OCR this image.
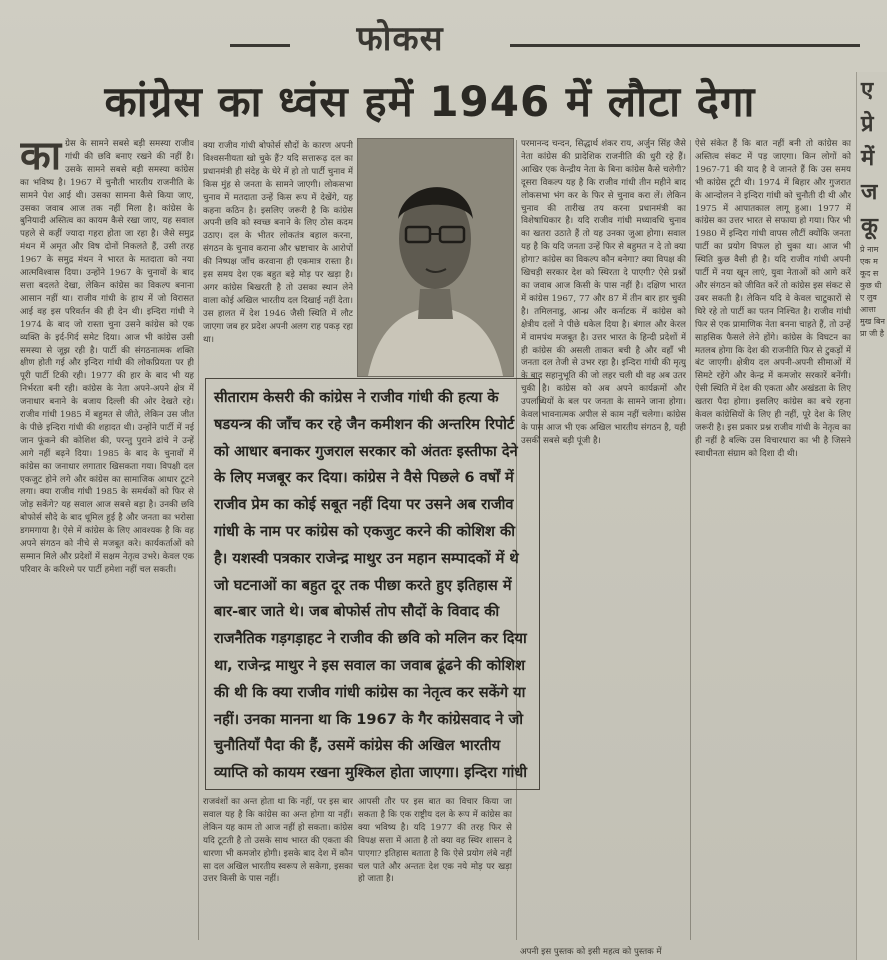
फोकस
कांग्रेस का ध्वंस हमें 1946 में लौटा देगा
का ग्रेस के सामने सबसे बड़ी समस्या राजीव गांधी की छवि बनाए रखने की नहीं है। उसके सामने सबसे बड़ी समस्या कांग्रेस का भविष्य है। 1967 में चुनौती भारतीय राजनीति के सामने पेश आई थी। उसका सामना कैसे किया जाए, उसका जवाब आज तक नहीं मिला है। कांग्रेस के बुनियादी अस्तित्व का कायम कैसे रखा जाए, यह सवाल पहले से कहीं ज्यादा गहरा होता जा रहा है। जैसे समुद्र मंथन में अमृत और विष दोनों निकलते हैं, उसी तरह 1967 के समुद्र मंथन ने भारत के मतदाता को नया आत्मविश्वास दिया। उन्होंने 1967 के चुनावों के बाद सत्ता बदलते देखा, लेकिन कांग्रेस का विकल्प बनाना आसान नहीं था। राजीव गांधी के हाथ में जो विरासत आई वह इस परिवर्तन की ही देन थी। इन्दिरा गांधी ने 1974 के बाद जो रास्ता चुना उसने कांग्रेस को एक व्यक्ति के इर्द-गिर्द समेट दिया। आज भी कांग्रेस उसी समस्या से जूझ रही है। पार्टी की संगठनात्मक शक्ति क्षीण होती गई और इन्दिरा गांधी की लोकप्रियता पर ही पूरी पार्टी टिकी रही। 1977 की हार के बाद भी यह निर्भरता बनी रही। कांग्रेस के नेता अपने-अपने क्षेत्र में जनाधार बनाने के बजाय दिल्ली की ओर देखते रहे। राजीव गांधी 1985 में बहुमत से जीते, लेकिन उस जीत के पीछे इन्दिरा गांधी की शहादत थी। उन्होंने पार्टी में नई जान फूंकने की कोशिश की, परन्तु पुराने ढांचे ने उन्हें आगे नहीं बढ़ने दिया। 1985 के बाद के चुनावों में कांग्रेस का जनाधार लगातार खिसकता गया। विपक्षी दल एकजुट होने लगे और कांग्रेस का सामाजिक आधार टूटने लगा। क्या राजीव गांधी 1985 के समर्थकों को फिर से जोड़ सकेंगे? यह सवाल आज सबसे बड़ा है। उनकी छवि बोफोर्स सौदे के बाद धूमिल हुई है और जनता का भरोसा डगमगाया है। ऐसे में कांग्रेस के लिए आवश्यक है कि वह अपने संगठन को नीचे से मजबूत करे। कार्यकर्ताओं को सम्मान मिले और प्रदेशों में सक्षम नेतृत्व उभरे। केवल एक परिवार के करिश्मे पर पार्टी हमेशा नहीं चल सकती।
क्या राजीव गांधी बोफोर्स सौदों के कारण अपनी विश्वसनीयता खो चुके हैं? यदि सत्तारूढ़ दल का प्रधानमंत्री ही संदेह के घेरे में हो तो पार्टी चुनाव में किस मुंह से जनता के सामने जाएगी। लोकसभा चुनाव में मतदाता उन्हें किस रूप में देखेंगे, यह कहना कठिन है। इसलिए जरूरी है कि कांग्रेस अपनी छवि को स्वच्छ बनाने के लिए ठोस कदम उठाए। दल के भीतर लोकतंत्र बहाल करना, संगठन के चुनाव कराना और भ्रष्टाचार के आरोपों की निष्पक्ष जाँच करवाना ही एकमात्र रास्ता है। इस समय देश एक बहुत बड़े मोड़ पर खड़ा है। अगर कांग्रेस बिखरती है तो उसका स्थान लेने वाला कोई अखिल भारतीय दल दिखाई नहीं देता। उस हालत में देश 1946 जैसी स्थिति में लौट जाएगा जब हर प्रदेश अपनी अलग राह पकड़ रहा था।
सीताराम केसरी की कांग्रेस ने राजीव गांधी की हत्या के षडयन्त्र की जाँच कर रहे जैन कमीशन की अन्तरिम रिपोर्ट को आधार बनाकर गुजराल सरकार को अंततः इस्तीफा देने के लिए मजबूर कर दिया। कांग्रेस ने वैसे पिछले 6 वर्षों में राजीव प्रेम का कोई सबूत नहीं दिया पर उसने अब राजीव गांधी के नाम पर कांग्रेस को एकजुट करने की कोशिश की है। यशस्वी पत्रकार राजेन्द्र माथुर उन महान सम्पादकों में थे जो घटनाओं का बहुत दूर तक पीछा करते हुए इतिहास में बार-बार जाते थे। जब बोफोर्स तोप सौदों के विवाद की राजनैतिक गड़गड़ाहट ने राजीव की छवि को मलिन कर दिया था, राजेन्द्र माथुर ने इस सवाल का जवाब ढूंढने की कोशिश की थी कि क्या राजीव गांधी कांग्रेस का नेतृत्व कर सकेंगे या नहीं। उनका मानना था कि 1967 के गैर कांग्रेसवाद ने जो चुनौतियाँ पैदा की हैं, उसमें कांग्रेस की अखिल भारतीय व्याप्ति को कायम रखना मुश्किल होता जाएगा। इन्दिरा गांधी
परमानन्द चन्दन, सिद्धार्थ शंकर राय, अर्जुन सिंह जैसे नेता कांग्रेस की प्रादेशिक राजनीति की धुरी रहे हैं। आखिर एक केन्द्रीय नेता के बिना कांग्रेस कैसे चलेगी? दूसरा विकल्प यह है कि राजीव गांधी तीन महीने बाद लोकसभा भंग कर के फिर से चुनाव करा लें। लेकिन चुनाव की तारीख तय करना प्रधानमंत्री का विशेषाधिकार है। यदि राजीव गांधी मध्यावधि चुनाव का खतरा उठाते हैं तो यह उनका जुआ होगा। सवाल यह है कि यदि जनता उन्हें फिर से बहुमत न दे तो क्या होगा? कांग्रेस का विकल्प कौन बनेगा? क्या विपक्ष की खिचड़ी सरकार देश को स्थिरता दे पाएगी? ऐसे प्रश्नों का जवाब आज किसी के पास नहीं है। दक्षिण भारत में कांग्रेस 1967, 77 और 87 में तीन बार हार चुकी है। तमिलनाडु, आन्ध्र और कर्नाटक में कांग्रेस को क्षेत्रीय दलों ने पीछे धकेल दिया है। बंगाल और केरल में वामपंथ मजबूत है। उत्तर भारत के हिन्दी प्रदेशों में ही कांग्रेस की असली ताकत बची है और वहाँ भी जनता दल तेजी से उभर रहा है। इन्दिरा गांधी की मृत्यु के बाद सहानुभूति की जो लहर चली थी वह अब उतर चुकी है। कांग्रेस को अब अपने कार्यक्रमों और उपलब्धियों के बल पर जनता के सामने जाना होगा। केवल भावनात्मक अपील से काम नहीं चलेगा। कांग्रेस के पास आज भी एक अखिल भारतीय संगठन है, यही उसकी सबसे बड़ी पूंजी है।
ऐसे संकेत हैं कि बात नहीं बनी तो कांग्रेस का अस्तित्व संकट में पड़ जाएगा। किन लोगों को 1967-71 की याद है वे जानते हैं कि उस समय भी कांग्रेस टूटी थी। 1974 में बिहार और गुजरात के आन्दोलन ने इन्दिरा गांधी को चुनौती दी थी और 1975 में आपातकाल लागू हुआ। 1977 में कांग्रेस का उत्तर भारत से सफाया हो गया। फिर भी 1980 में इन्दिरा गांधी वापस लौटीं क्योंकि जनता पार्टी का प्रयोग विफल हो चुका था। आज भी स्थिति कुछ वैसी ही है। यदि राजीव गांधी अपनी पार्टी में नया खून लाएं, युवा नेताओं को आगे करें और संगठन को जीवित करें तो कांग्रेस इस संकट से उबर सकती है। लेकिन यदि वे केवल चाटुकारों से घिरे रहे तो पार्टी का पतन निश्चित है। राजीव गांधी फिर से एक प्रामाणिक नेता बनना चाहते हैं, तो उन्हें साहसिक फैसले लेने होंगे। कांग्रेस के विघटन का मतलब होगा कि देश की राजनीति फिर से टुकड़ों में बंट जाएगी। क्षेत्रीय दल अपनी-अपनी सीमाओं में सिमटे रहेंगे और केन्द्र में कमजोर सरकारें बनेंगी। ऐसी स्थिति में देश की एकता और अखंडता के लिए खतरा पैदा होगा। इसलिए कांग्रेस का बचे रहना केवल कांग्रेसियों के लिए ही नहीं, पूरे देश के लिए जरूरी है। इस प्रकार प्रश्न राजीव गांधी के नेतृत्व का ही नहीं है बल्कि उस विचारधारा का भी है जिसने स्वाधीनता संग्राम को दिशा दी थी।
राजवंशों का अन्त होता था कि नहीं, पर इस बार सवाल यह है कि कांग्रेस का अन्त होगा या नहीं। लेकिन यह काम तो आज नहीं हो सकता। कांग्रेस यदि टूटती है तो उसके साथ भारत की एकता की धारणा भी कमजोर होगी। इसके बाद देश में कौन सा दल अखिल भारतीय स्वरूप ले सकेगा, इसका उत्तर किसी के पास नहीं।
आपसी तौर पर इस बात का विचार किया जा सकता है कि एक राष्ट्रीय दल के रूप में कांग्रेस का क्या भविष्य है। यदि 1977 की तरह फिर से विपक्ष सत्ता में आता है तो क्या वह स्थिर शासन दे पाएगा? इतिहास बताता है कि ऐसे प्रयोग लंबे नहीं चल पाते और अन्ततः देश एक नये मोड़ पर खड़ा हो जाता है।
ए
प्रे
में
ज
कू
प्रे नाम एक म कूद स कुछ धी ए लुव आत्ता मुख बिन प्रा जी है
अपनी इस पुस्तक को इसी महत्व को पुस्तक में
